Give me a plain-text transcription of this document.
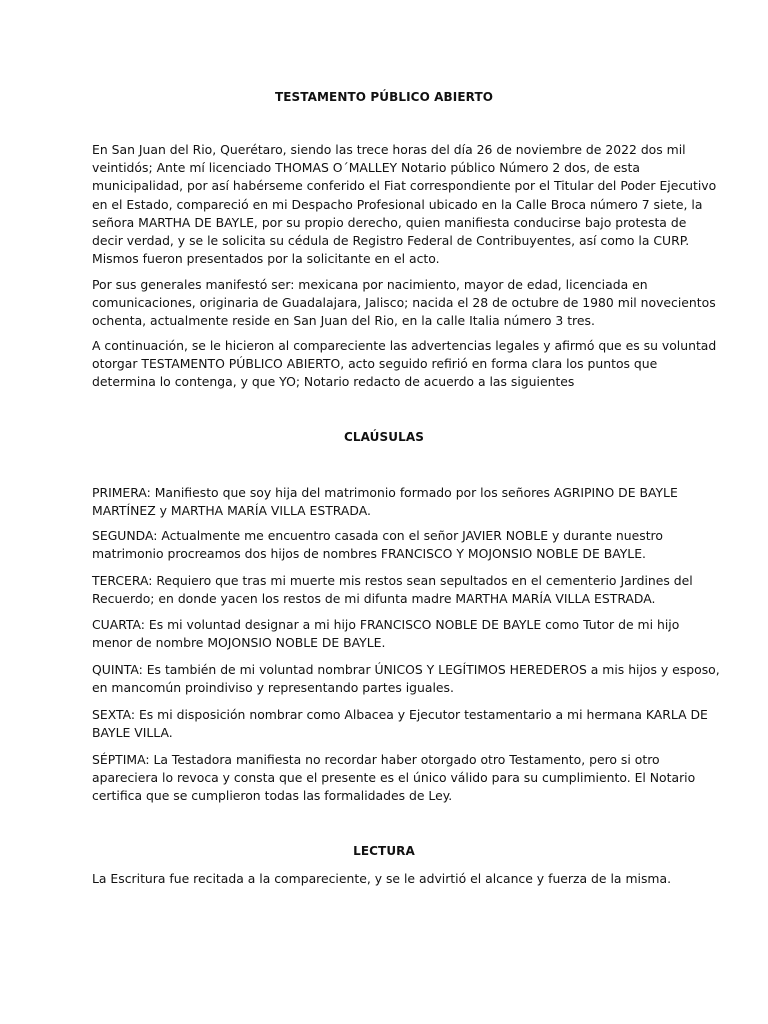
TESTAMENTO PÚBLICO ABIERTO

En San Juan del Rio, Querétaro, siendo las trece horas del día 26 de noviembre de 2022 dos mil
veintidós; Ante mí licenciado THOMAS O´MALLEY Notario público Número 2 dos, de esta
municipalidad, por así habérseme conferido el Fiat correspondiente por el Titular del Poder Ejecutivo
en el Estado, compareció en mi Despacho Profesional ubicado en la Calle Broca número 7 siete, la
señora MARTHA DE BAYLE, por su propio derecho, quien manifiesta conducirse bajo protesta de
decir verdad, y se le solicita su cédula de Registro Federal de Contribuyentes, así como la CURP.
Mismos fueron presentados por la solicitante en el acto.

Por sus generales manifestó ser: mexicana por nacimiento, mayor de edad, licenciada en
comunicaciones, originaria de Guadalajara, Jalisco; nacida el 28 de octubre de 1980 mil novecientos
ochenta, actualmente reside en San Juan del Rio, en la calle Italia número 3 tres.

A continuación, se le hicieron al compareciente las advertencias legales y afirmó que es su voluntad
otorgar TESTAMENTO PÚBLICO ABIERTO, acto seguido refirió en forma clara los puntos que
determina lo contenga, y que YO; Notario redacto de acuerdo a las siguientes

CLAÚSULAS

PRIMERA: Manifiesto que soy hija del matrimonio formado por los señores AGRIPINO DE BAYLE
MARTÍNEZ y MARTHA MARÍA VILLA ESTRADA.

SEGUNDA: Actualmente me encuentro casada con el señor JAVIER NOBLE y durante nuestro
matrimonio procreamos dos hijos de nombres FRANCISCO Y MOJONSIO NOBLE DE BAYLE.

TERCERA: Requiero que tras mi muerte mis restos sean sepultados en el cementerio Jardines del
Recuerdo; en donde yacen los restos de mi difunta madre MARTHA MARÍA VILLA ESTRADA.

CUARTA: Es mi voluntad designar a mi hijo FRANCISCO NOBLE DE BAYLE como Tutor de mi hijo
menor de nombre MOJONSIO NOBLE DE BAYLE.

QUINTA: Es también de mi voluntad nombrar ÚNICOS Y LEGÍTIMOS HEREDEROS a mis hijos y esposo,
en mancomún proindiviso y representando partes iguales.

SEXTA: Es mi disposición nombrar como Albacea y Ejecutor testamentario a mi hermana KARLA DE
BAYLE VILLA.

SÉPTIMA: La Testadora manifiesta no recordar haber otorgado otro Testamento, pero si otro
apareciera lo revoca y consta que el presente es el único válido para su cumplimiento. El Notario
certifica que se cumplieron todas las formalidades de Ley.

LECTURA

La Escritura fue recitada a la compareciente, y se le advirtió el alcance y fuerza de la misma.
